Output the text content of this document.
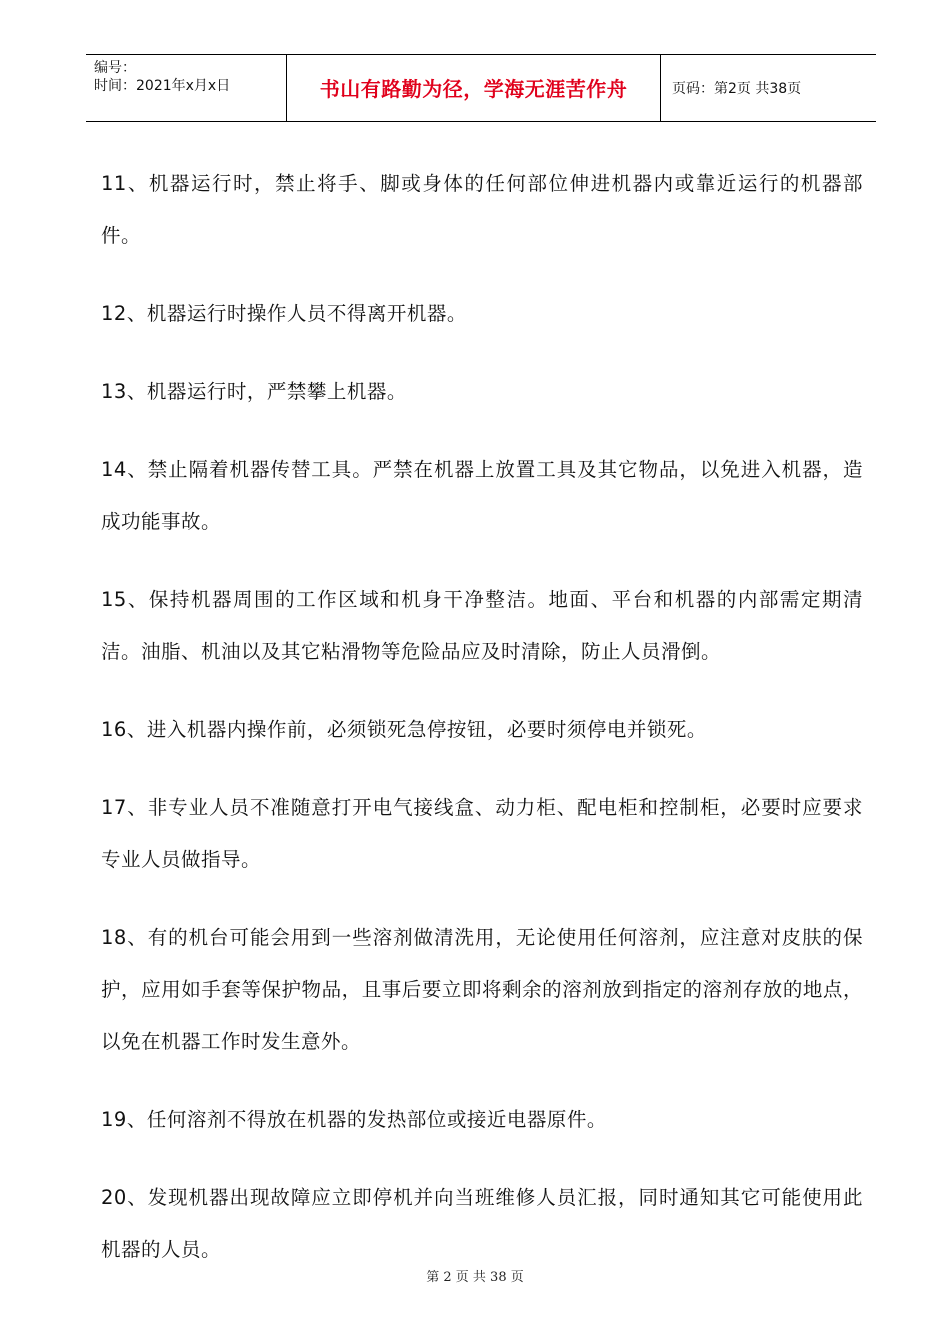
编号：
时间：2021年x月x日	书山有路勤为径，学海无涯苦作舟	页码：第2页 共38页

11、机器运行时，禁止将手、脚或身体的任何部位伸进机器内或靠近运行的机器部件。

12、机器运行时操作人员不得离开机器。

13、机器运行时，严禁攀上机器。

14、禁止隔着机器传替工具。严禁在机器上放置工具及其它物品，以免进入机器，造成功能事故。

15、保持机器周围的工作区域和机身干净整洁。地面、平台和机器的内部需定期清洁。油脂、机油以及其它粘滑物等危险品应及时清除，防止人员滑倒。

16、进入机器内操作前，必须锁死急停按钮，必要时须停电并锁死。

17、非专业人员不准随意打开电气接线盒、动力柜、配电柜和控制柜，必要时应要求专业人员做指导。

18、有的机台可能会用到一些溶剂做清洗用，无论使用任何溶剂，应注意对皮肤的保护，应用如手套等保护物品，且事后要立即将剩余的溶剂放到指定的溶剂存放的地点，以免在机器工作时发生意外。

19、任何溶剂不得放在机器的发热部位或接近电器原件。

20、发现机器出现故障应立即停机并向当班维修人员汇报，同时通知其它可能使用此机器的人员。

第 2 页 共 38 页
